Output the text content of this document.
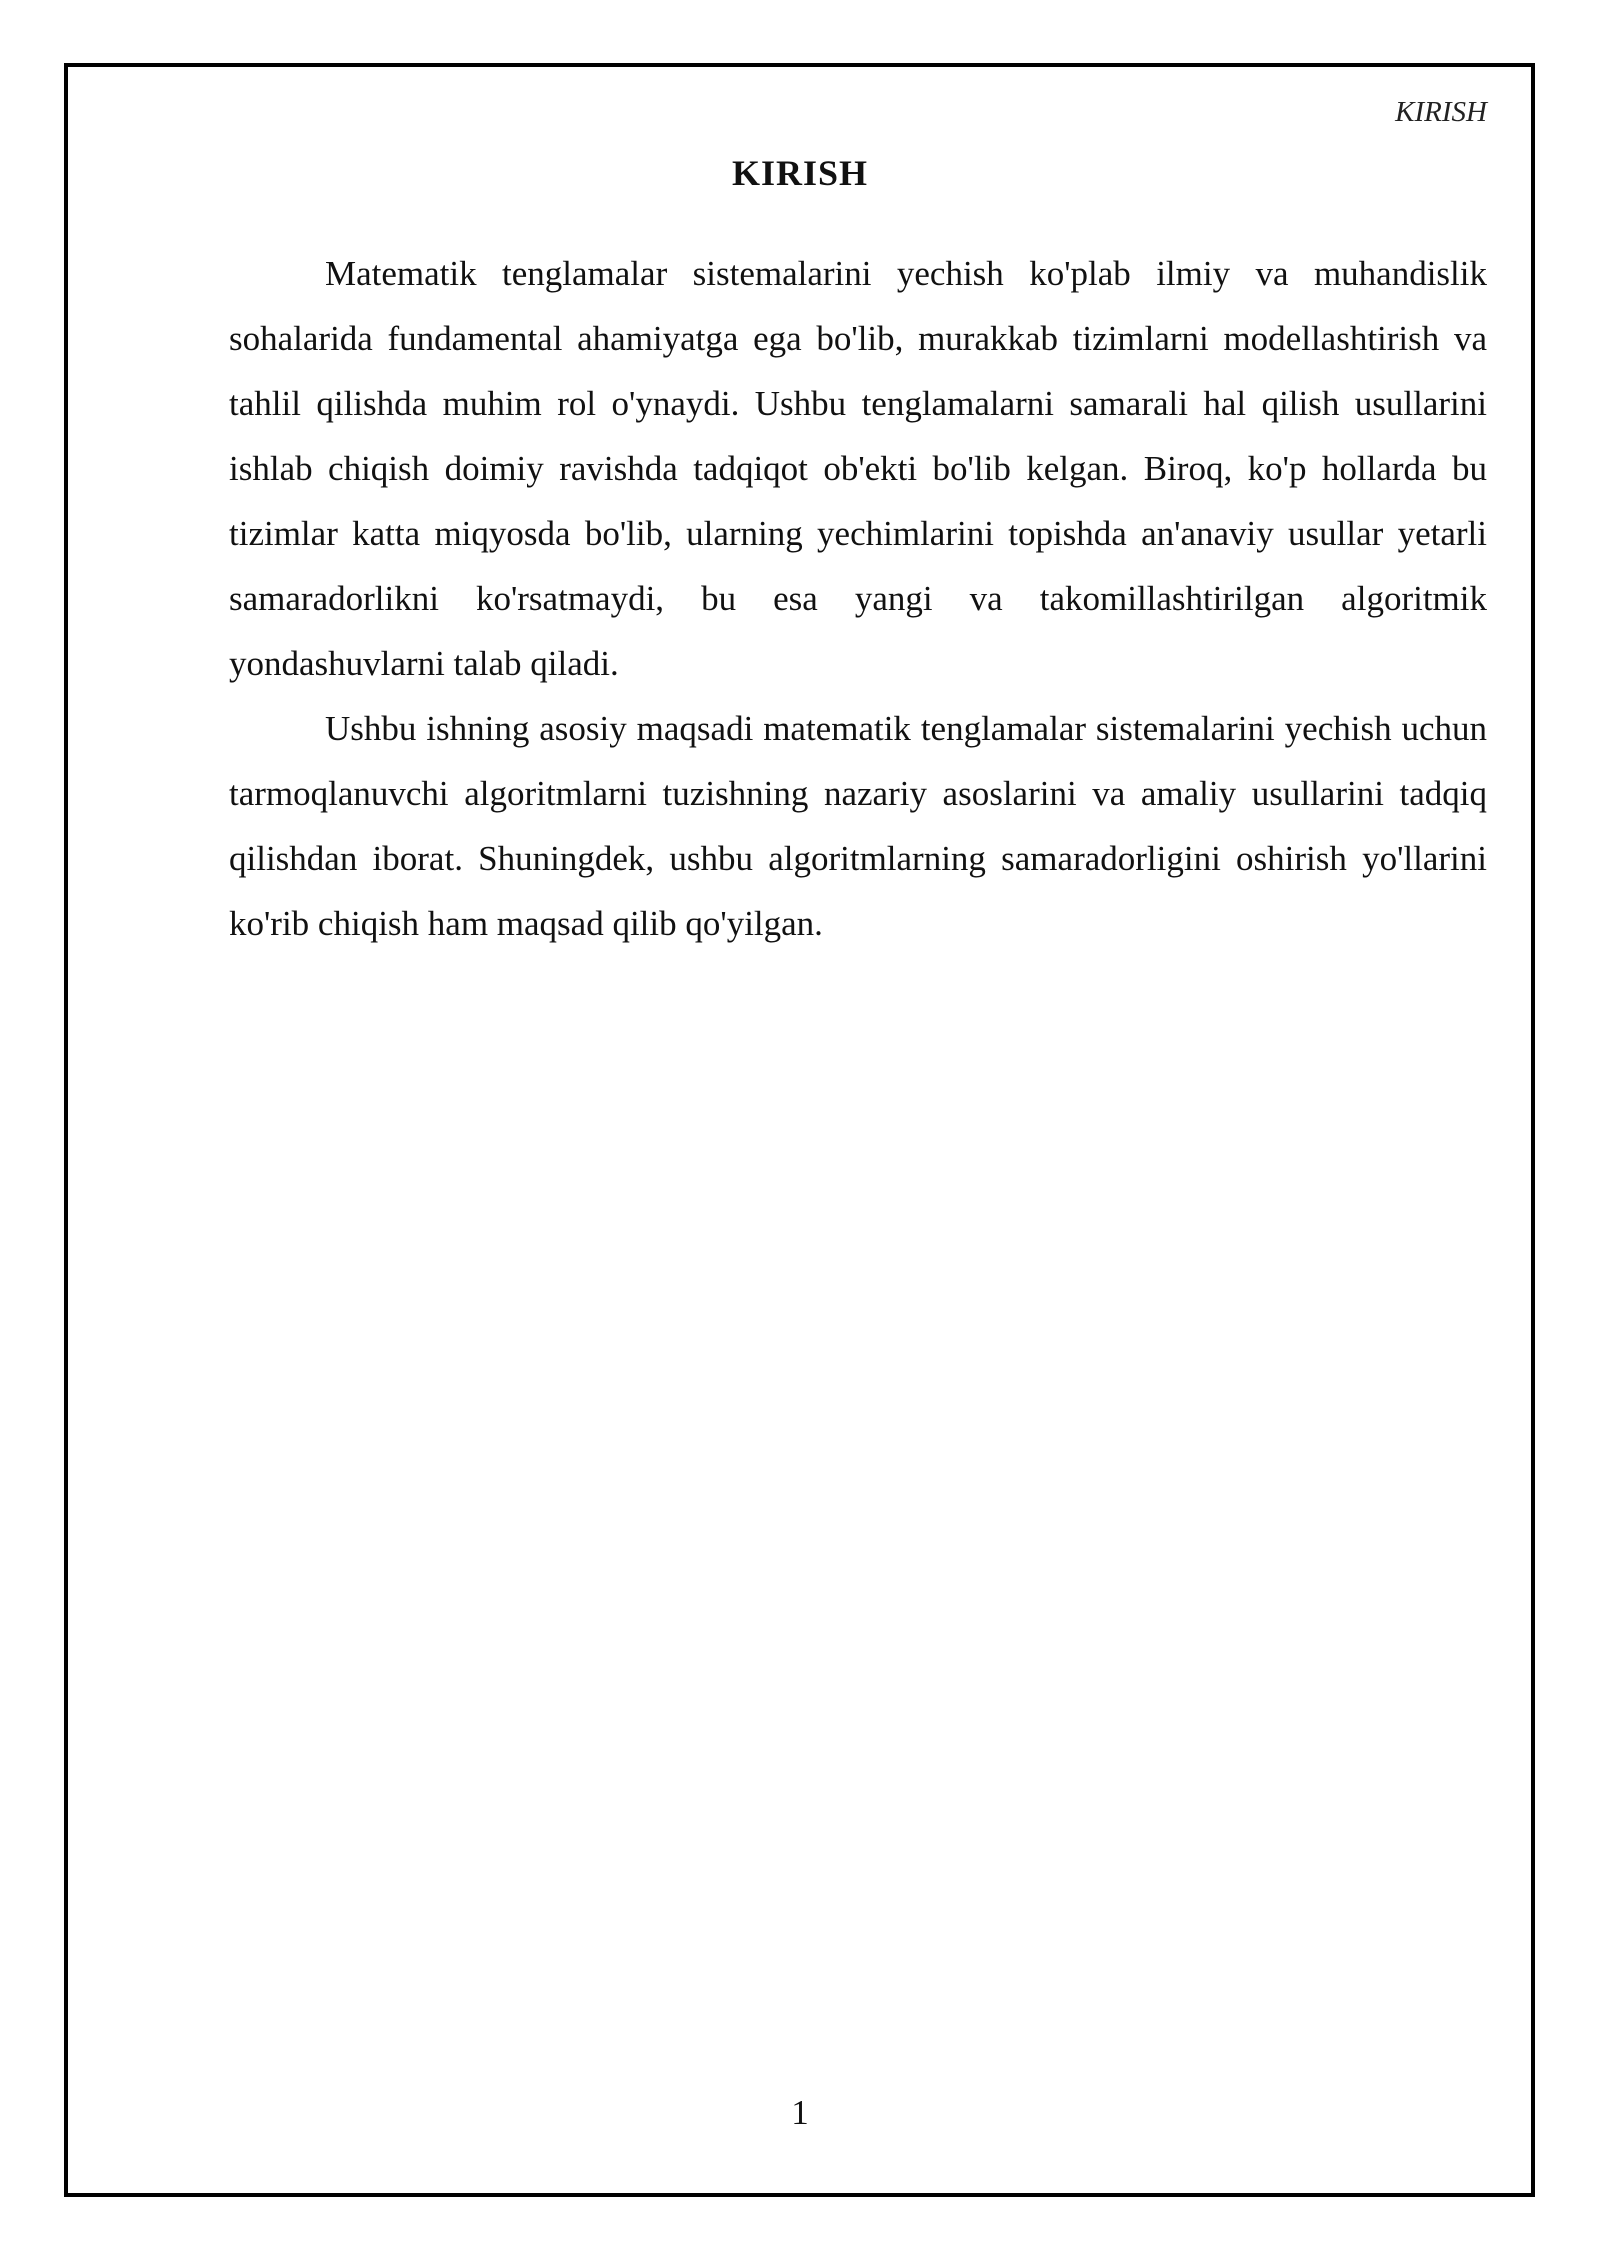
KIRISH
KIRISH

Matematik tenglamalar sistemalarini yechish ko'plab ilmiy va muhandislik sohalarida fundamental ahamiyatga ega bo'lib, murakkab tizimlarni modellashtirish va tahlil qilishda muhim rol o'ynaydi. Ushbu tenglamalarni samarali hal qilish usullarini ishlab chiqish doimiy ravishda tadqiqot ob'ekti bo'lib kelgan. Biroq, ko'p hollarda bu tizimlar katta miqyosda bo'lib, ularning yechimlarini topishda an'anaviy usullar yetarli samaradorlikni ko'rsatmaydi, bu esa yangi va takomillashtirilgan algoritmik yondashuvlarni talab qiladi.

Ushbu ishning asosiy maqsadi matematik tenglamalar sistemalarini yechish uchun tarmoqlanuvchi algoritmlarni tuzishning nazariy asoslarini va amaliy usullarini tadqiq qilishdan iborat. Shuningdek, ushbu algoritmlarning samaradorligini oshirish yo'llarini ko'rib chiqish ham maqsad qilib qo'yilgan.

1
